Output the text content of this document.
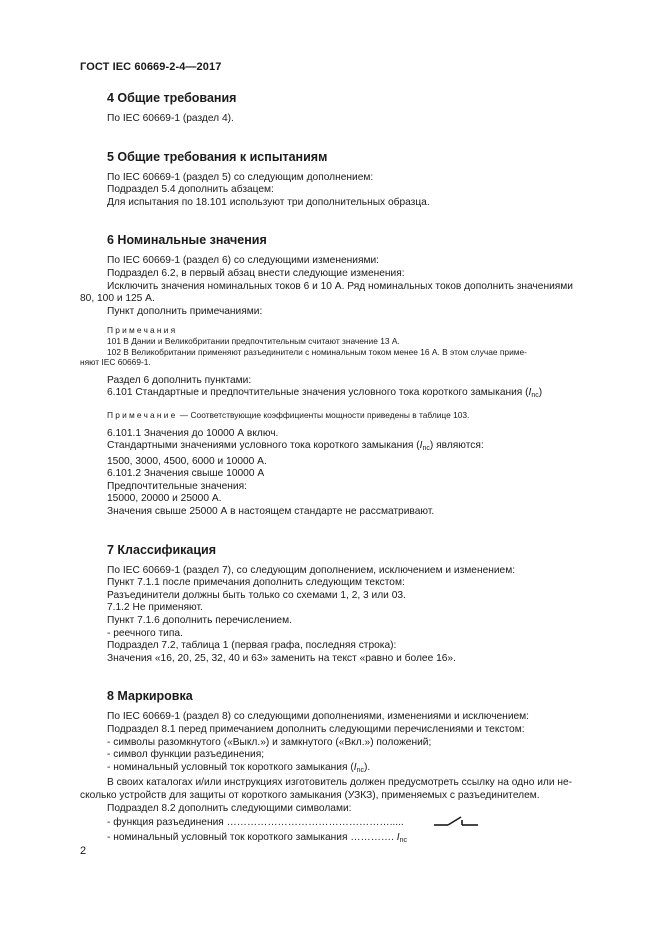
ГОСТ IEC 60669-2-4—2017
4 Общие требования

По IEC 60669-1 (раздел 4).

5 Общие требования к испытаниям

По IEC 60669-1 (раздел 5) со следующим дополнением:

Подраздел 5.4 дополнить абзацем:

Для испытания по 18.101 используют три дополнительных образца.

6 Номинальные значения

По IEC 60669-1 (раздел 6) со следующими изменениями:

Подраздел 6.2, в первый абзац внести следующие изменения:

Исключить значения номинальных токов 6 и 10 А. Ряд номинальных токов дополнить значениями

80, 100 и 125 А.

Пункт дополнить примечаниями:

Примечания

101 В Дании и Великобритании предпочтительным считают значение 13 А.

102 В Великобритании применяют разъединители с номинальным током менее 16 А. В этом случае приме-

няют IEC 60669-1.

Раздел 6 дополнить пунктами:

6.101 Стандартные и предпочтительные значения условного тока короткого замыкания $(I_{nc})$

Примечание — Соответствующие коэффициенты мощности приведены в таблице 103.

6.101.1 Значения до 10000 А включ.

Стандартными значениями условного тока короткого замыкания $(I_{nc})$ являются:

1500, 3000, 4500, 6000 и 10000 А.

6.101.2 Значения свыше 10000 А

Предпочтительные значения:

15000, 20000 и 25000 А.

Значения свыше 25000 А в настоящем стандарте не рассматривают.

7 Классификация

По IEC 60669-1 (раздел 7), со следующим дополнением, исключением и изменением:

Пункт 7.1.1 после примечания дополнить следующим текстом:

Разъединители должны быть только со схемами 1, 2, 3 или 03.

7.1.2 Не применяют.

Пункт 7.1.6 дополнить перечислением.

- реечного типа.

Подраздел 7.2, таблица 1 (первая графа, последняя строка):

Значения «16, 20, 25, 32, 40 и 63» заменить на текст «равно и более 16».

8 Маркировка

По IEC 60669-1 (раздел 8) со следующими дополнениями, изменениями и исключением:

Подраздел 8.1 перед примечанием дополнить следующими перечислениями и текстом:

- символы разомкнутого («Выкл.») и замкнутого («Вкл.») положений;

- символ функции разъединения;

- номинальный условный ток короткого замыкания $(I_{nc})$.

В своих каталогах и/или инструкциях изготовитель должен предусмотреть ссылку на одно или не-

сколько устройств для защиты от короткого замыкания (УЗКЗ), применяемых с разъединителем.

Подраздел 8.2 дополнить следующими символами:

- функция разъединения ………………………………………….....

- номинальный условный ток короткого замыкания …………. $I_{nc}$

2
